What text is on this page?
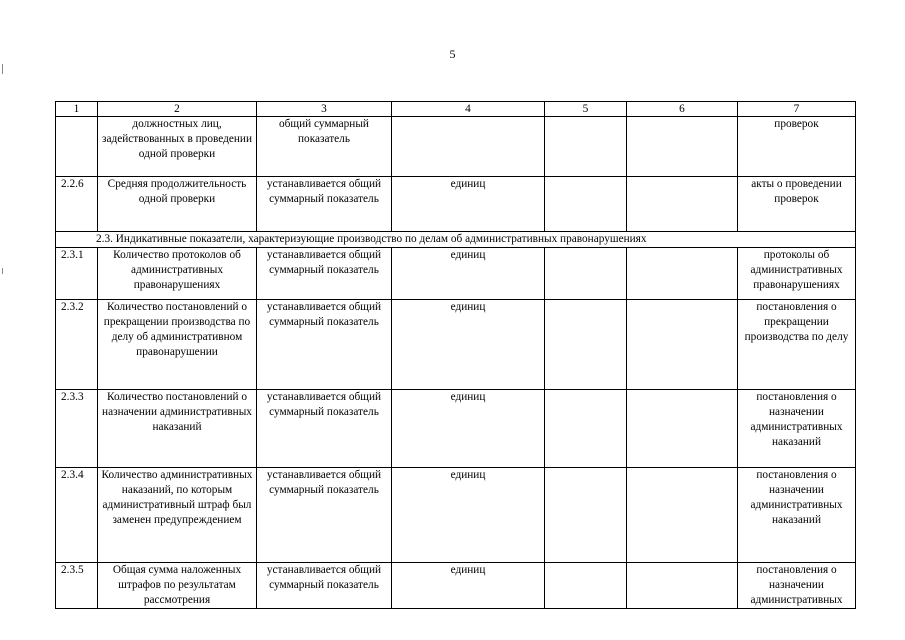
5
1	2	3	4	5	6	7
	должностных лиц, задействованных в проведении одной проверки	общий суммарный показатель				проверок
2.2.6	Средняя продолжительность одной проверки	устанавливается общий суммарный показатель	единиц			акты о проведении проверок
2.3. Индикативные показатели, характеризующие производство по делам об административных правонарушениях						
2.3.1	Количество протоколов об административных правонарушениях	устанавливается общий суммарный показатель	единиц			протоколы об административных правонарушениях
2.3.2	Количество постановлений о прекращении производства по делу об административном правонарушении	устанавливается общий суммарный показатель	единиц			постановления о прекращении производства по делу
2.3.3	Количество постановлений о назначении административных наказаний	устанавливается общий суммарный показатель	единиц			постановления о назначении административных наказаний
2.3.4	Количество административных наказаний, по которым административный штраф был заменен предупреждением	устанавливается общий суммарный показатель	единиц			постановления о назначении административных наказаний
2.3.5	Общая сумма наложенных штрафов по результатам рассмотрения	устанавливается общий суммарный показатель	единиц			постановления о назначении административных
